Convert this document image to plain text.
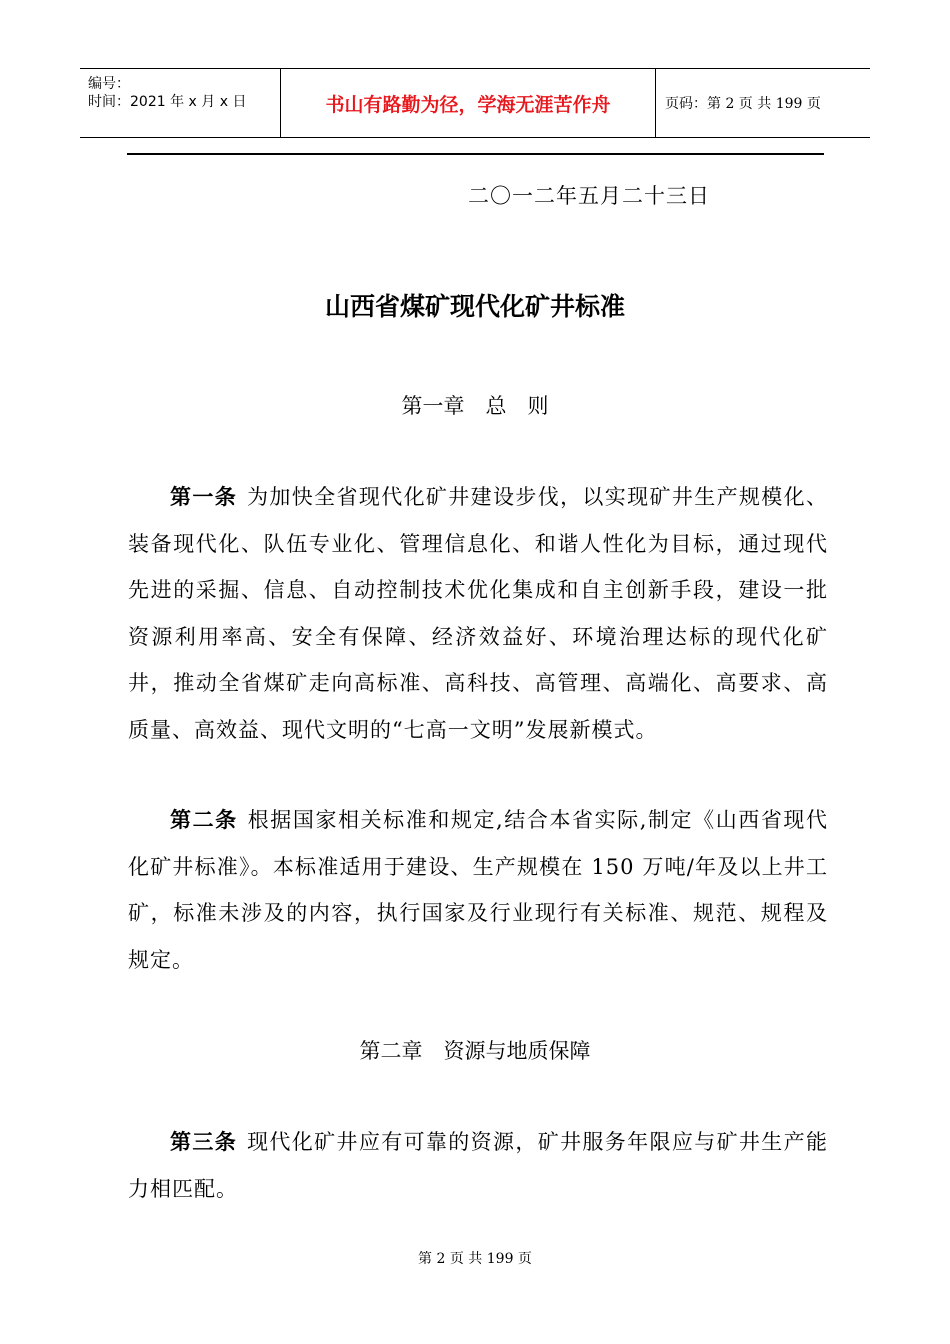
编号：
时间：2021 年 x 月 x 日	书山有路勤为径，学海无涯苦作舟	页码：第 2 页 共 199 页
二〇一二年五月二十三日
山西省煤矿现代化矿井标准
第一章　总　则

第一条 为加快全省现代化矿井建设步伐，以实现矿井生产规模化、装备现代化、队伍专业化、管理信息化、和谐人性化为目标，通过现代先进的采掘、信息、自动控制技术优化集成和自主创新手段，建设一批资源利用率高、安全有保障、经济效益好、环境治理达标的现代化矿井，推动全省煤矿走向高标准、高科技、高管理、高端化、高要求、高质量、高效益、现代文明的“七高一文明”发展新模式。

第二条 根据国家相关标准和规定,结合本省实际,制定《山西省现代化矿井标准》。本标准适用于建设、生产规模在 150 万吨/年及以上井工矿，标准未涉及的内容，执行国家及行业现行有关标准、规范、规程及规定。

第二章　资源与地质保障

第三条 现代化矿井应有可靠的资源，矿井服务年限应与矿井生产能力相匹配。

第 2 页 共 199 页
